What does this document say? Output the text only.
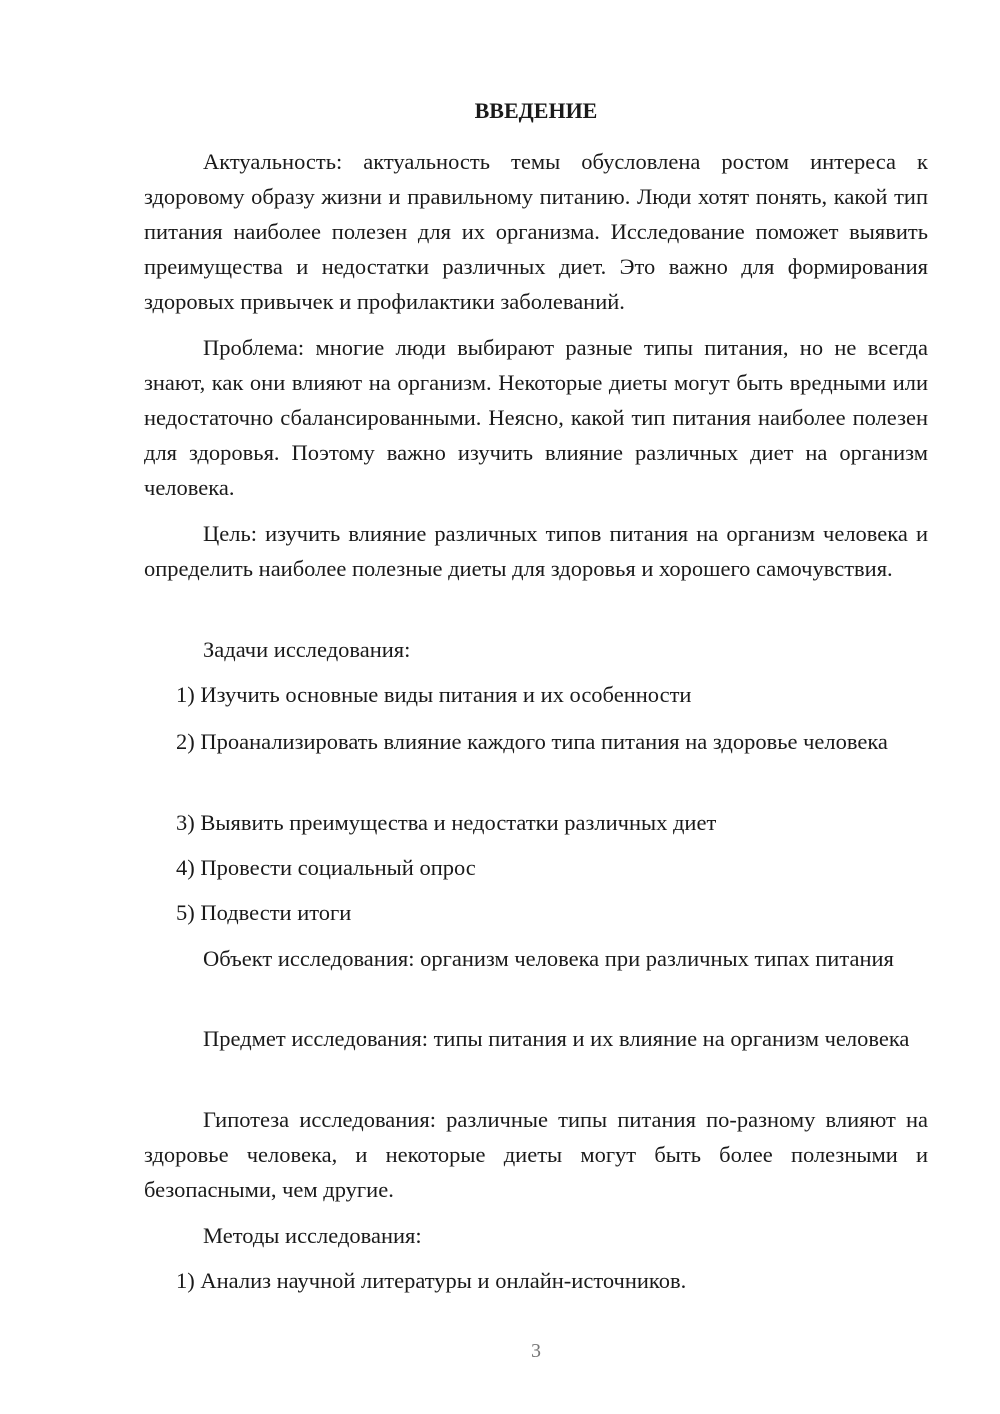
ВВЕДЕНИЕ

Актуальность: актуальность темы обусловлена ростом интереса к здоровому образу жизни и правильному питанию. Люди хотят понять, какой тип питания наиболее полезен для их организма. Исследование поможет выявить преимущества и недостатки различных диет. Это важно для формирования здоровых привычек и профилактики заболеваний.

Проблема: многие люди выбирают разные типы питания, но не всегда знают, как они влияют на организм. Некоторые диеты могут быть вредными или недостаточно сбалансированными. Неясно, какой тип питания наиболее полезен для здоровья. Поэтому важно изучить влияние различных диет на организм человека.

Цель: изучить влияние различных типов питания на организм человека и определить наиболее полезные диеты для здоровья и хорошего самочувствия.

Задачи исследования:

1) Изучить основные виды питания и их особенности

2) Проанализировать влияние каждого типа питания на здоровье человека

3) Выявить преимущества и недостатки различных диет

4) Провести социальный опрос

5) Подвести итоги

Объект исследования: организм человека при различных типах питания

Предмет исследования: типы питания и их влияние на организм человека

Гипотеза исследования: различные типы питания по-разному влияют на здоровье человека, и некоторые диеты могут быть более полезными и безопасными, чем другие.

Методы исследования:

1) Анализ научной литературы и онлайн-источников.

3
